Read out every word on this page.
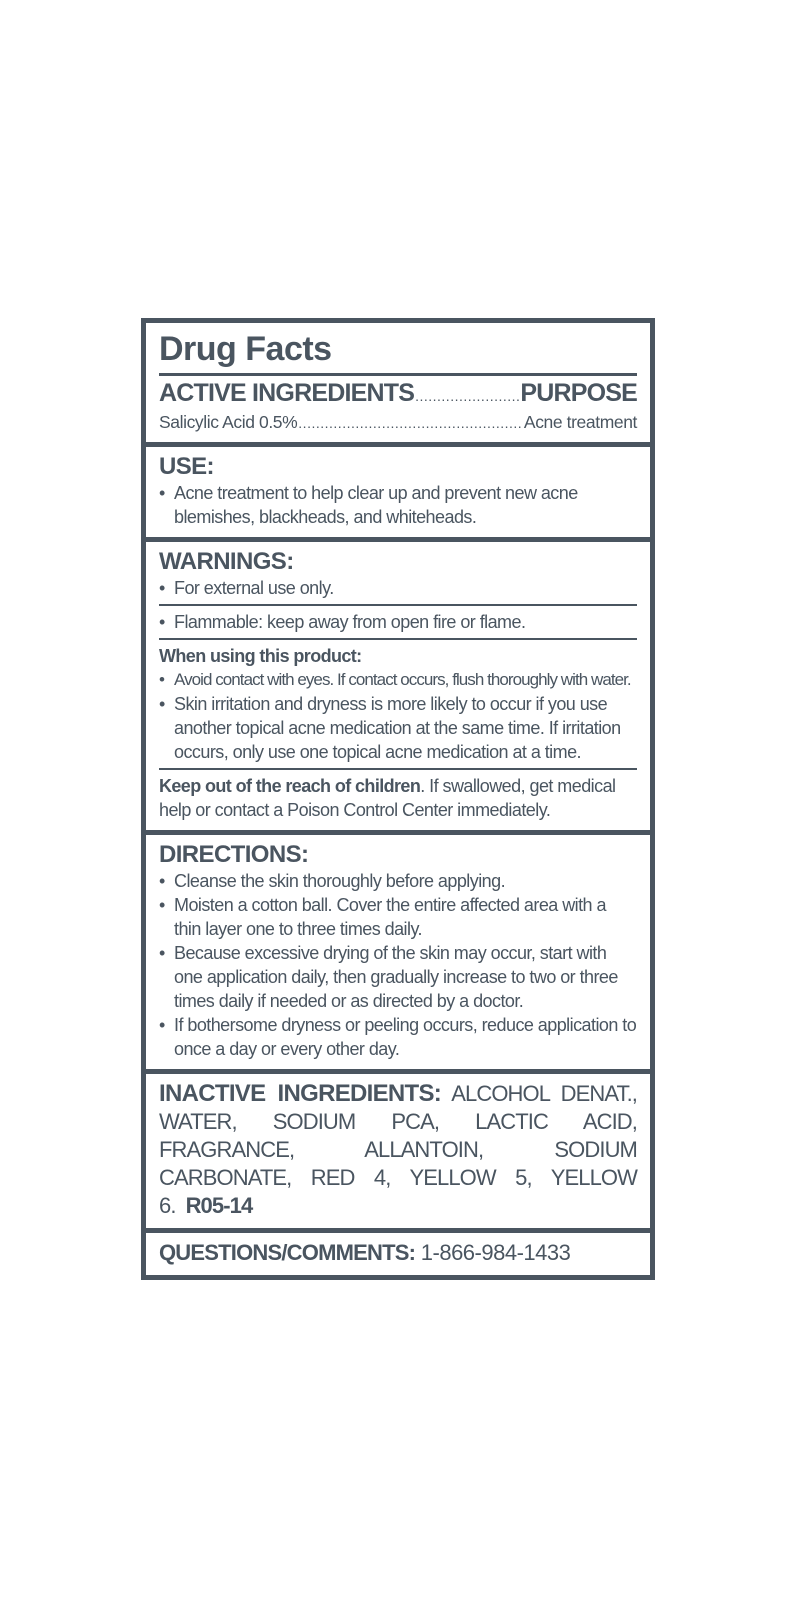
Drug Facts
ACTIVE INGREDIENTS .....	PURPOSE
Salicylic Acid 0.5% .....	Acne treatment
USE:
• Acne treatment to help clear up and prevent new acne blemishes, blackheads, and whiteheads.
WARNINGS:
• For external use only.
• Flammable: keep away from open fire or flame.
When using this product:
• Avoid contact with eyes. If contact occurs, flush thoroughly with water.
• Skin irritation and dryness is more likely to occur if you use another topical acne medication at the same time. If irritation occurs, only use one topical acne medication at a time.
Keep out of the reach of children. If swallowed, get medical help or contact a Poison Control Center immediately.
DIRECTIONS:
• Cleanse the skin thoroughly before applying.
• Moisten a cotton ball. Cover the entire affected area with a thin layer one to three times daily.
• Because excessive drying of the skin may occur, start with one application daily, then gradually increase to two or three times daily if needed or as directed by a doctor.
• If bothersome dryness or peeling occurs, reduce application to once a day or every other day.
INACTIVE INGREDIENTS: ALCOHOL DENAT., WATER, SODIUM PCA, LACTIC ACID, FRAGRANCE, ALLANTOIN, SODIUM CARBONATE, RED 4, YELLOW 5, YELLOW 6. R05-14
QUESTIONS/COMMENTS: 1-866-984-1433
